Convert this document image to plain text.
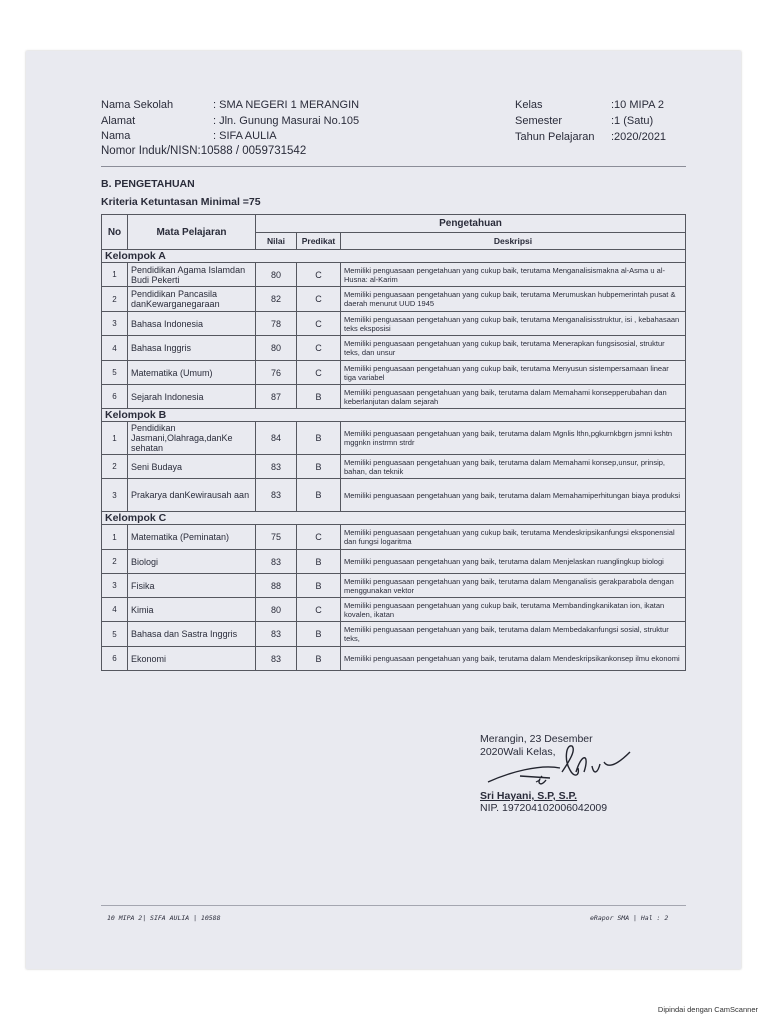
Nama Sekolah	: SMA NEGERI 1 MERANGIN
Alamat	: Jln. Gunung Masurai No.105
Nama	: SIFA AULIA
Nomor Induk/NISN:10588 / 0059731542
Kelas	:10 MIPA 2
Semester	:1 (Satu)
Tahun Pelajaran :2020/2021
B. PENGETAHUAN
Kriteria Ketuntasan Minimal =75
No	Mata Pelajaran	Pengetahuan		
		Nilai	Predikat	Deskripsi
Kelompok A				
1	Pendidikan Agama Islamdan Budi Pekerti	80	C	Memiliki penguasaan pengetahuan yang cukup baik, terutama Menganalisismakna al-Asma u al-Husna: al-Karim
2	Pendidikan Pancasila danKewarganegaraan	82	C	Memiliki penguasaan pengetahuan yang cukup baik, terutama Merumuskan hubpemerintah pusat & daerah menurut UUD 1945
3	Bahasa Indonesia	78	C	Memiliki penguasaan pengetahuan yang cukup baik, terutama Menganalisisstruktur, isi , kebahasaan teks eksposisi
4	Bahasa Inggris	80	C	Memiliki penguasaan pengetahuan yang cukup baik, terutama Menerapkan fungsisosial, struktur teks, dan unsur
5	Matematika (Umum)	76	C	Memiliki penguasaan pengetahuan yang cukup baik, terutama Menyusun sistempersamaan linear tiga variabel
6	Sejarah Indonesia	87	B	Memiliki penguasaan pengetahuan yang baik, terutama dalam Memahami konsepperubahan dan keberlanjutan dalam sejarah
Kelompok B				
1	Pendidikan Jasmani,Olahraga,danKe sehatan	84	B	Memiliki penguasaan pengetahuan yang baik, terutama dalam Mgnlis lthn,pgkurnkbgrn jsmni kshtn mggnkn instrmn strdr
2	Seni Budaya	83	B	Memiliki penguasaan pengetahuan yang baik, terutama dalam Memahami konsep,unsur, prinsip, bahan, dan teknik
3	Prakarya danKewirausah aan	83	B	Memiliki penguasaan pengetahuan yang baik, terutama dalam Memahamiperhitungan biaya produksi
Kelompok C				
1	Matematika (Peminatan)	75	C	Memiliki penguasaan pengetahuan yang cukup baik, terutama Mendeskripsikanfungsi eksponensial dan fungsi logaritma
2	Biologi	83	B	Memiliki penguasaan pengetahuan yang baik, terutama dalam Menjelaskan ruanglingkup biologi
3	Fisika	88	B	Memiliki penguasaan pengetahuan yang baik, terutama dalam Menganalisis gerakparabola dengan menggunakan vektor
4	Kimia	80	C	Memiliki penguasaan pengetahuan yang cukup baik, terutama Membandingkanikatan ion, ikatan kovalen, ikatan
5	Bahasa dan Sastra Inggris	83	B	Memiliki penguasaan pengetahuan yang baik, terutama dalam Membedakanfungsi sosial, struktur teks,
6	Ekonomi	83	B	Memiliki penguasaan pengetahuan yang baik, terutama dalam Mendeskripsikankonsep ilmu ekonomi
Merangin, 23 Desember
2020Wali Kelas,
Sri Hayani, S.P, S.P.
NIP. 197204102006042009
10 MIPA 2| SIFA AULIA | 10588	eRapor SMA | Hal : 2
Dipindai dengan CamScanner
